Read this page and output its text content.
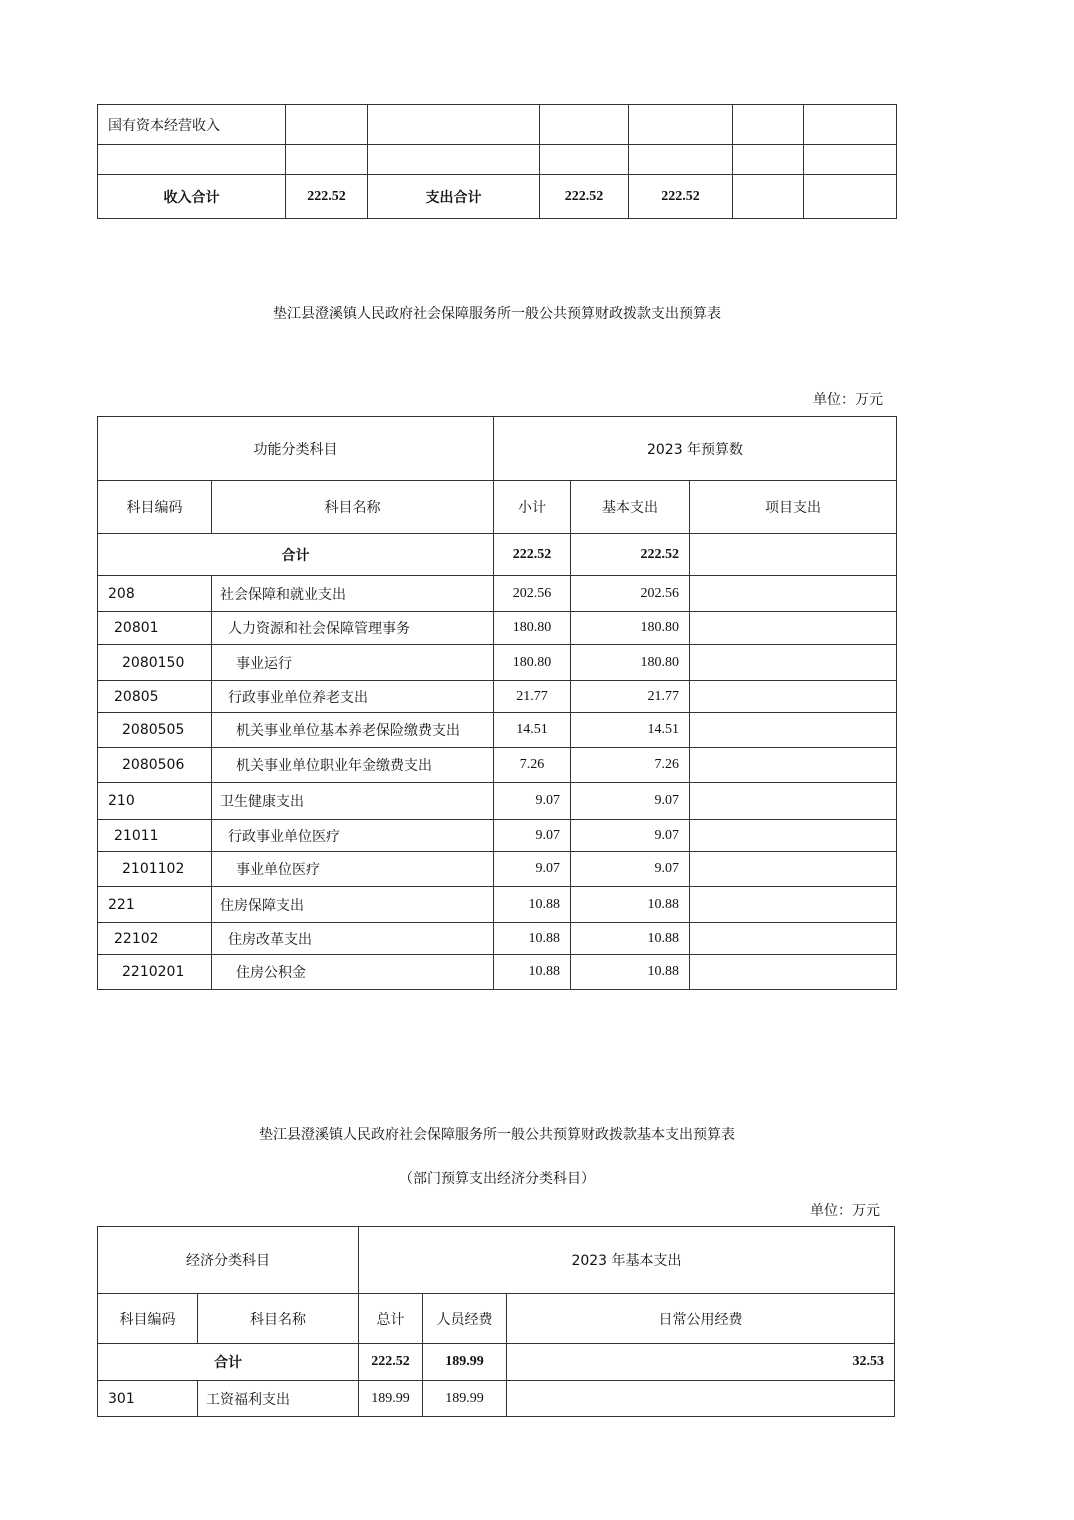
国有资本经营收入						

收入合计	222.52	支出合计	222.52	222.52		
垫江县澄溪镇人民政府社会保障服务所一般公共预算财政拨款支出预算表
单位：万元
功能分类科目		2023 年预算数		
科目编码	科目名称	小计	基本支出	项目支出
合计		222.52	222.52	
208	社会保障和就业支出	202.56	202.56	
20801	人力资源和社会保障管理事务	180.80	180.80	
2080150	事业运行	180.80	180.80	
20805	行政事业单位养老支出	21.77	21.77	
2080505	机关事业单位基本养老保险缴费支出	14.51	14.51	
2080506	机关事业单位职业年金缴费支出	7.26	7.26	
210	卫生健康支出	9.07	9.07	
21011	行政事业单位医疗	9.07	9.07	
2101102	事业单位医疗	9.07	9.07	
221	住房保障支出	10.88	10.88	
22102	住房改革支出	10.88	10.88	
2210201	住房公积金	10.88	10.88	
垫江县澄溪镇人民政府社会保障服务所一般公共预算财政拨款基本支出预算表
（部门预算支出经济分类科目）
单位：万元
经济分类科目		2023 年基本支出		
科目编码	科目名称	总计	人员经费	日常公用经费
合计		222.52	189.99	32.53
301	工资福利支出	189.99	189.99	
